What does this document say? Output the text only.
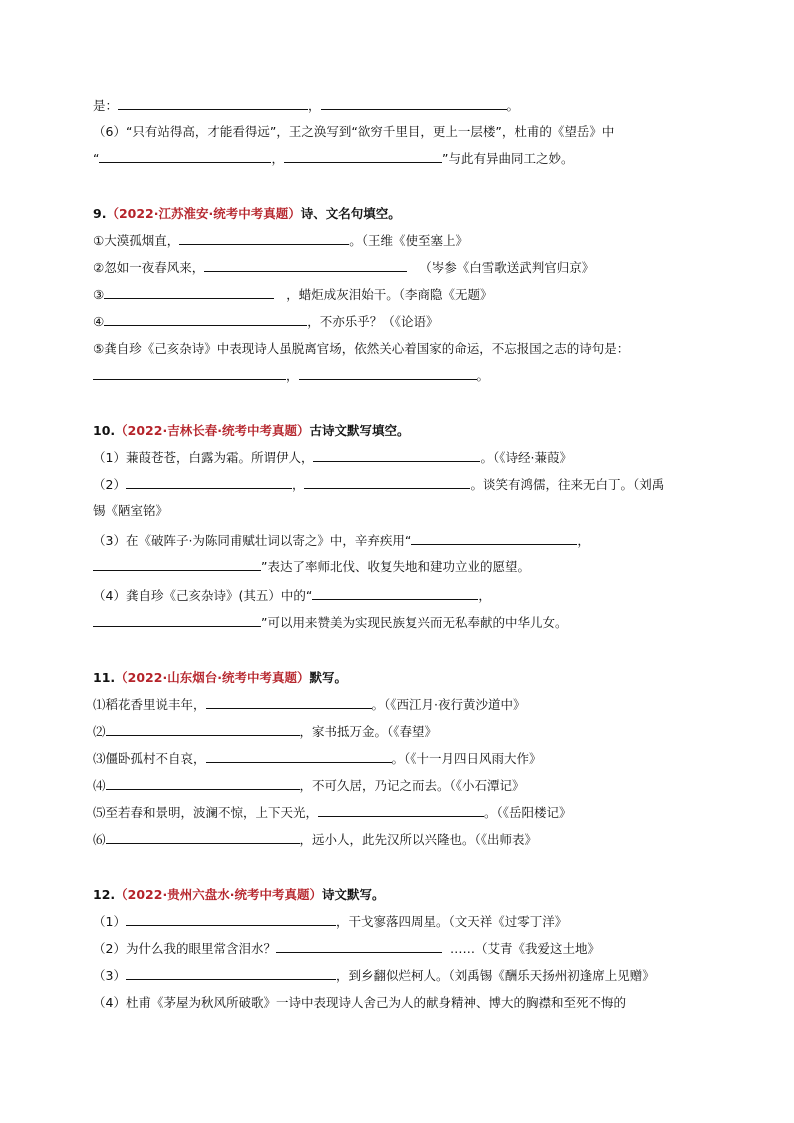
是：	，	。
（6）“只有站得高，才能看得远”，王之涣写到“欲穷千里目，更上一层楼”，杜甫的《望岳》中
“	，	”与此有异曲同工之妙。
9.（2022·江苏淮安·统考中考真题）诗、文名句填空。
①大漠孤烟直，	。（王维《使至塞上》
②忽如一夜春风来，	（岑参《白雪歌送武判官归京》
③	，蜡炬成灰泪始干。（李商隐《无题》
④	，不亦乐乎？（《论语》
⑤龚自珍《己亥杂诗》中表现诗人虽脱离官场，依然关心着国家的命运，不忘报国之志的诗句是：
，	。
10.（2022·吉林长春·统考中考真题）古诗文默写填空。
（1）蒹葭苍苍，白露为霜。所谓伊人，	。（《诗经·蒹葭》
（2）	，	。谈笑有鸿儒，往来无白丁。（刘禹
锡《陋室铭》
（3）在《破阵子·为陈同甫赋壮词以寄之》中，辛弃疾用“	，
”表达了率师北伐、收复失地和建功立业的愿望。
（4）龚自珍《己亥杂诗》(其五）中的“	，
”可以用来赞美为实现民族复兴而无私奉献的中华儿女。
11.（2022·山东烟台·统考中考真题）默写。
⑴稻花香里说丰年，	。（《西江月·夜行黄沙道中》
⑵	，家书抵万金。（《春望》
⑶僵卧孤村不自哀，	。（《十一月四日风雨大作》
⑷	，不可久居，乃记之而去。（《小石潭记》
⑸至若春和景明，波澜不惊，上下天光，	。（《岳阳楼记》
⑹	，远小人，此先汉所以兴隆也。（《出师表》
12.（2022·贵州六盘水·统考中考真题）诗文默写。
（1）	，干戈寥落四周星。（文天祥《过零丁洋》
（2）为什么我的眼里常含泪水？	……（艾青《我爱这土地》
（3）	，到乡翻似烂柯人。（刘禹锡《酬乐天扬州初逢席上见赠》
（4）杜甫《茅屋为秋风所破歌》一诗中表现诗人舍己为人的献身精神、博大的胸襟和至死不悔的
